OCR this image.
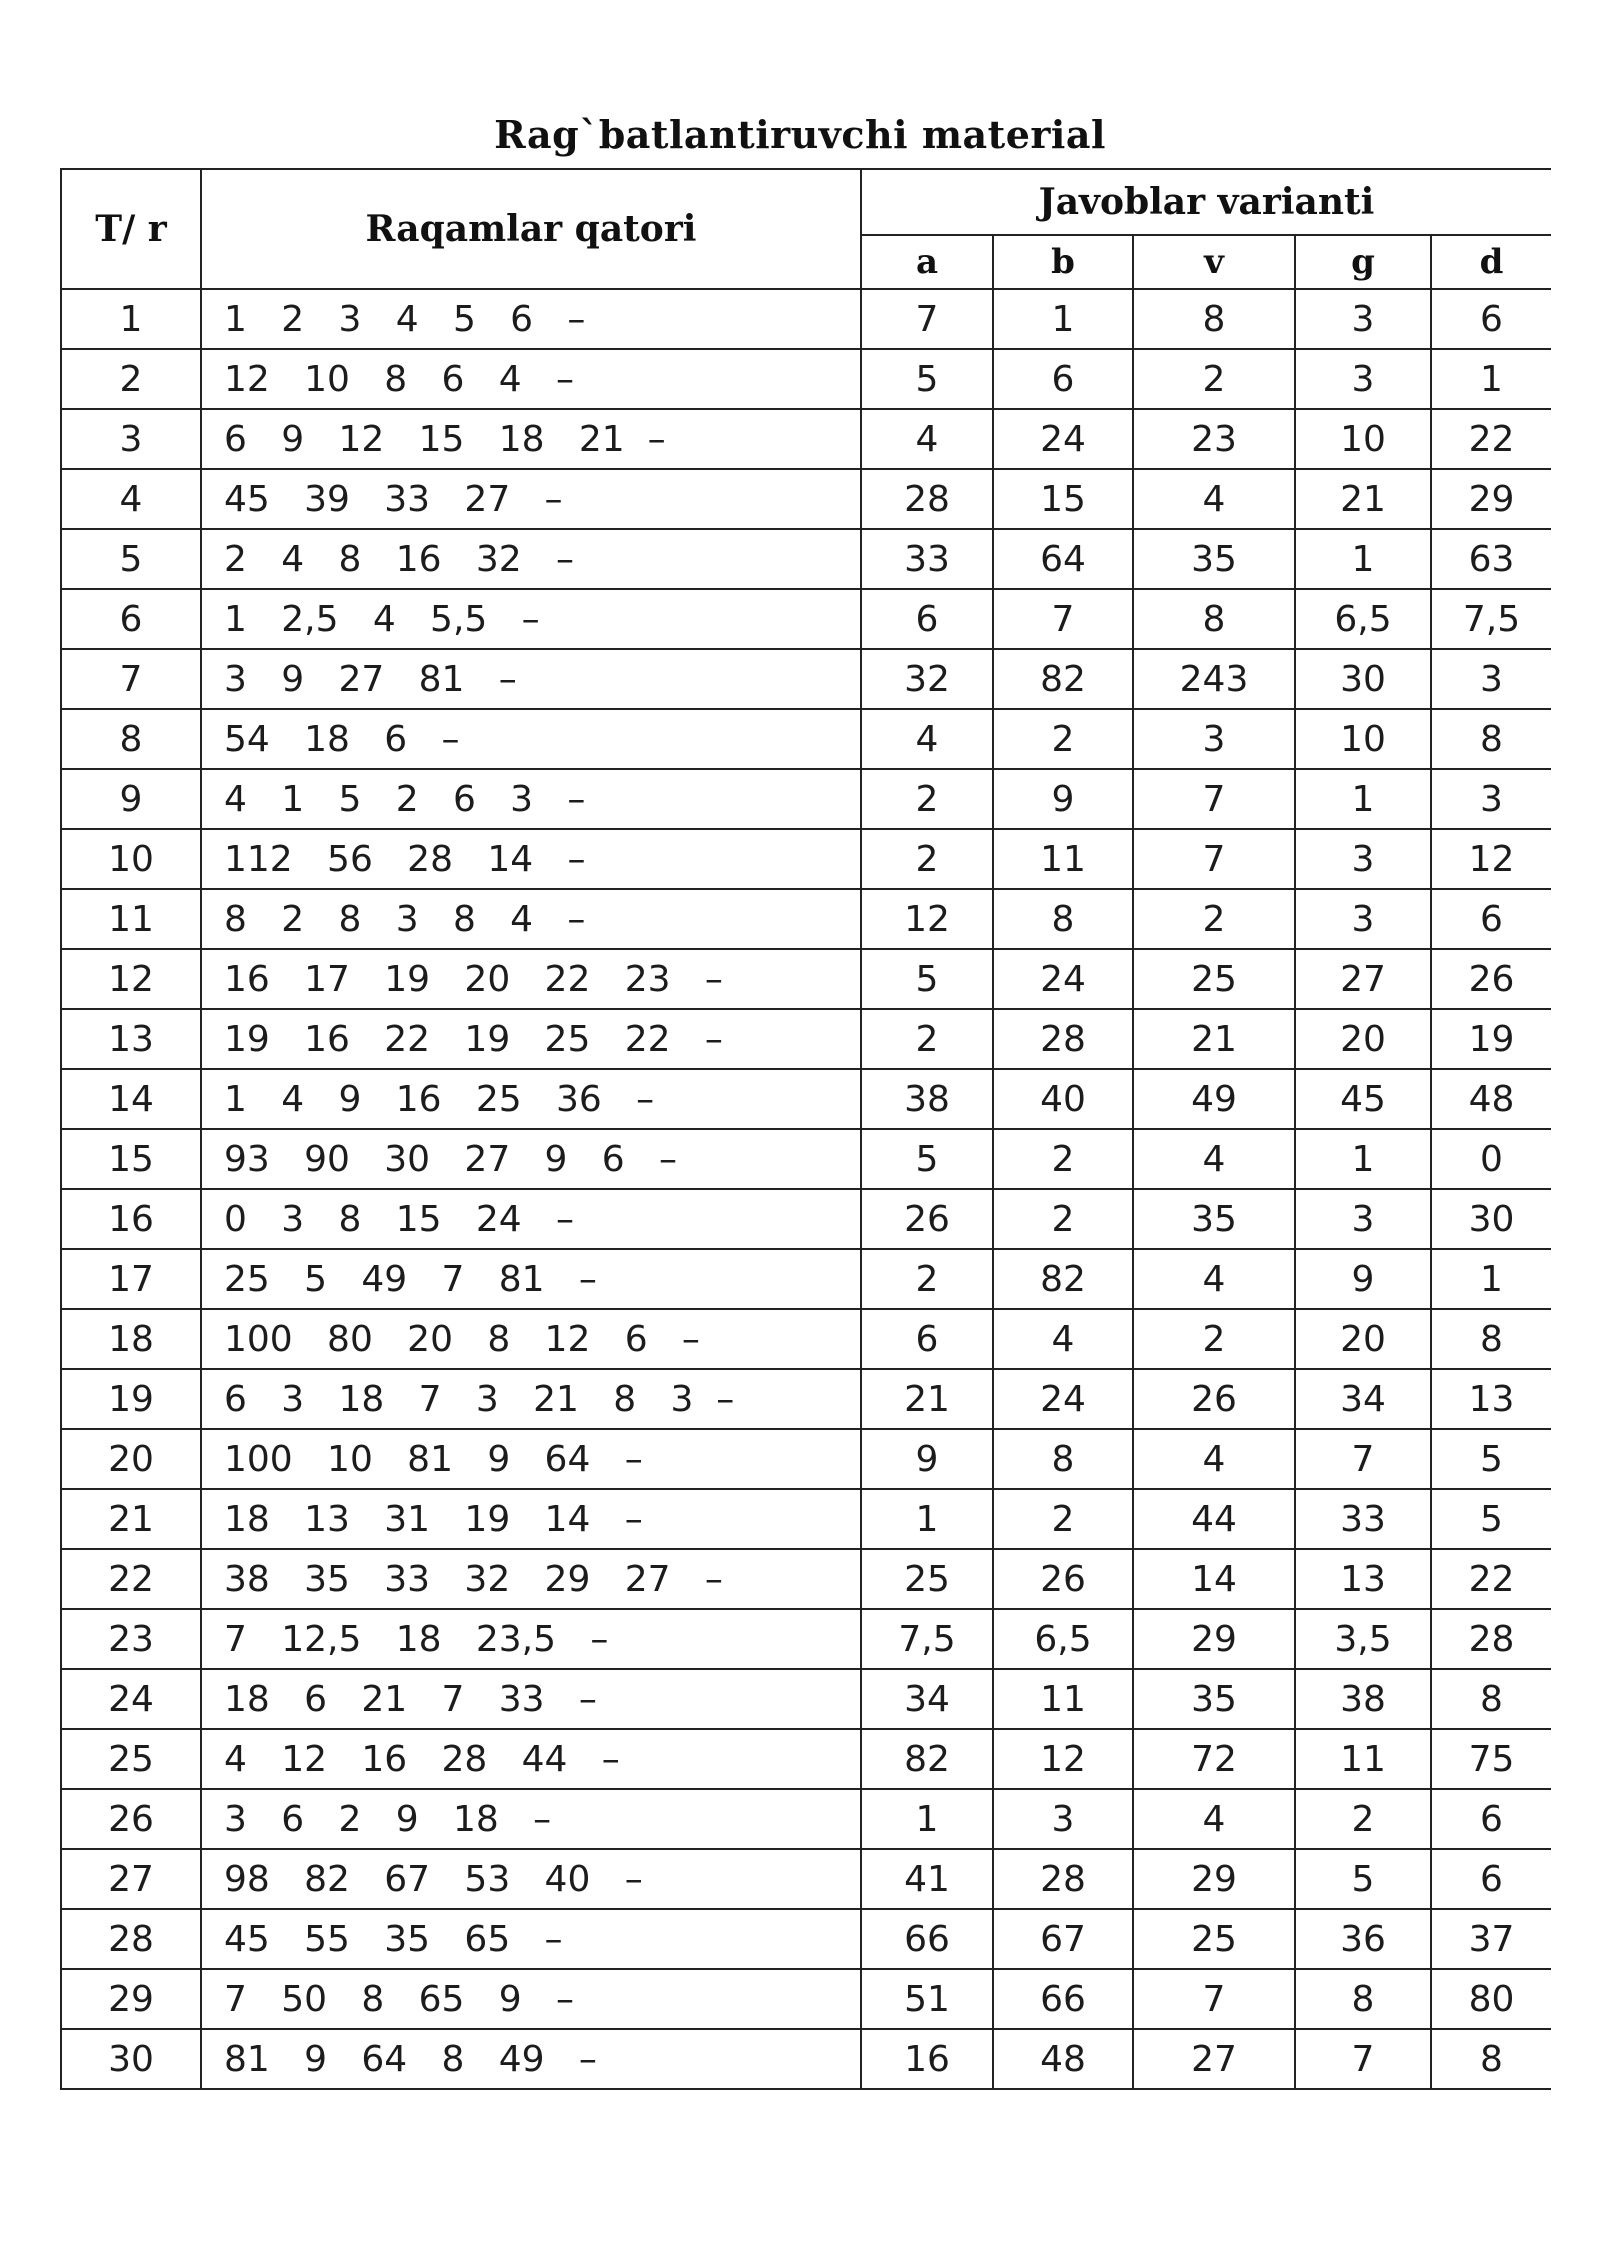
Rag`batlantiruvchi material
T/ r	Raqamlar qatori	Javoblar varianti				
		a	b	v	g	d
1	1   2   3   4   5   6   –	7	1	8	3	6
2	12   10   8   6   4   –	5	6	2	3	1
3	6   9   12   15   18   21  –	4	24	23	10	22
4	45   39   33   27   –	28	15	4	21	29
5	2   4   8   16   32   –	33	64	35	1	63
6	1   2,5   4   5,5   –	6	7	8	6,5	7,5
7	3   9   27   81   –	32	82	243	30	3
8	54   18   6   –	4	2	3	10	8
9	4   1   5   2   6   3   –	2	9	7	1	3
10	112   56   28   14   –	2	11	7	3	12
11	8   2   8   3   8   4   –	12	8	2	3	6
12	16   17   19   20   22   23   –	5	24	25	27	26
13	19   16   22   19   25   22   –	2	28	21	20	19
14	1   4   9   16   25   36   –	38	40	49	45	48
15	93   90   30   27   9   6   –	5	2	4	1	0
16	0   3   8   15   24   –	26	2	35	3	30
17	25   5   49   7   81   –	2	82	4	9	1
18	100   80   20   8   12   6   –	6	4	2	20	8
19	6   3   18   7   3   21   8   3  –	21	24	26	34	13
20	100   10   81   9   64   –	9	8	4	7	5
21	18   13   31   19   14   –	1	2	44	33	5
22	38   35   33   32   29   27   –	25	26	14	13	22
23	7   12,5   18   23,5   –	7,5	6,5	29	3,5	28
24	18   6   21   7   33   –	34	11	35	38	8
25	4   12   16   28   44   –	82	12	72	11	75
26	3   6   2   9   18   –	1	3	4	2	6
27	98   82   67   53   40   –	41	28	29	5	6
28	45   55   35   65   –	66	67	25	36	37
29	7   50   8   65   9   –	51	66	7	8	80
30	81   9   64   8   49   –	16	48	27	7	8
